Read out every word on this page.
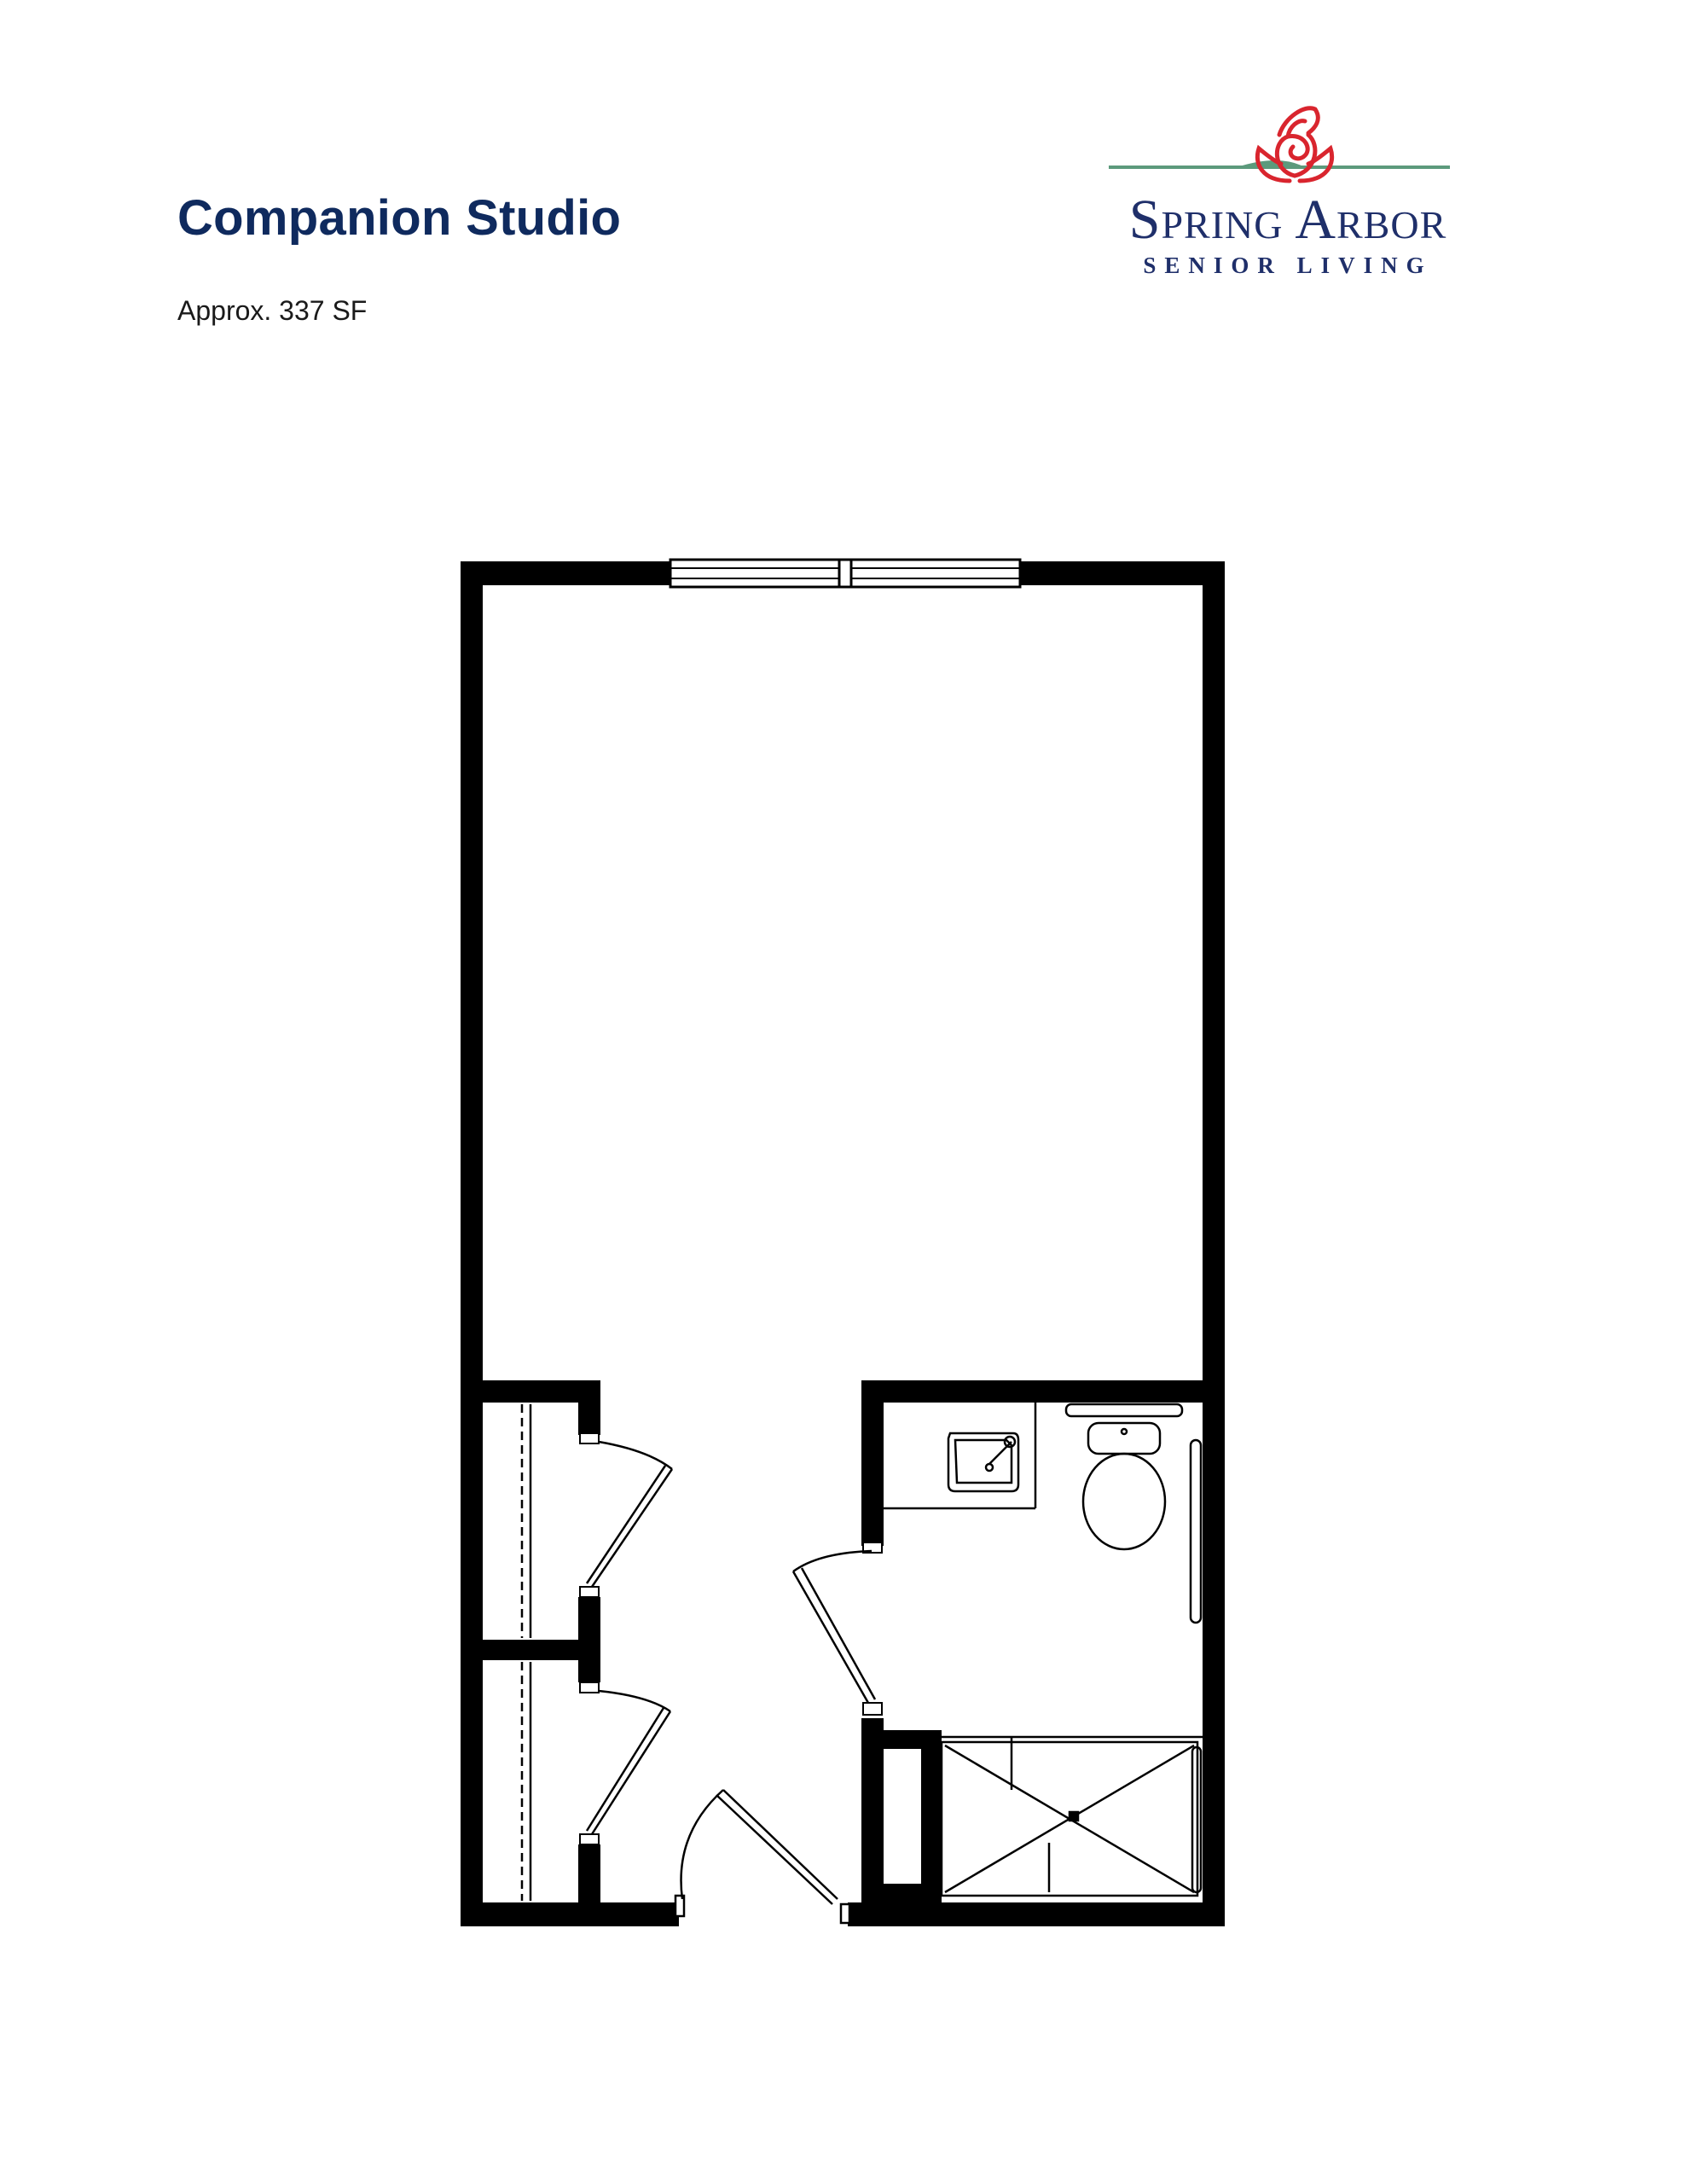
Companion Studio
Approx. 337 SF
Spring Arbor
SENIOR LIVING
